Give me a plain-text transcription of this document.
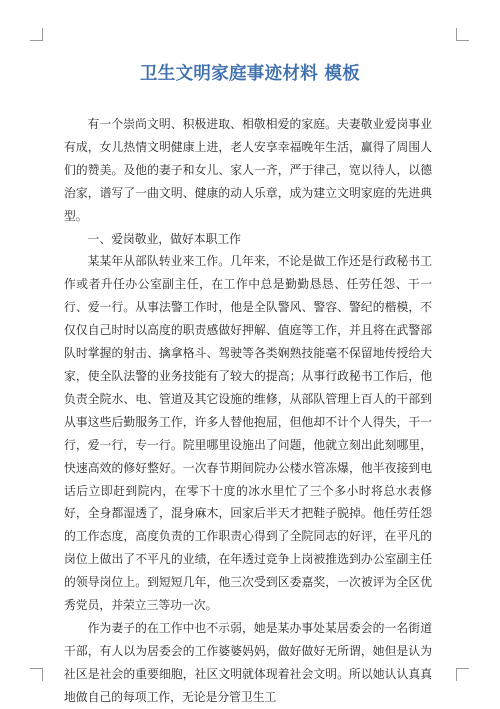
卫生文明家庭事迹材料 模板

有一个崇尚文明、积极进取、相敬相爱的家庭。夫妻敬业爱岗事业有成，女儿热情文明健康上进，老人安享幸福晚年生活，赢得了周围人们的赞美。及他的妻子和女儿、家人一齐，严于律己，宽以待人，以德治家，谱写了一曲文明、健康的动人乐章，成为建立文明家庭的先进典型。

一、爱岗敬业，做好本职工作

某某年从部队转业来工作。几年来，不论是做工作还是行政秘书工作或者升任办公室副主任，在工作中总是勤勤恳恳、任劳任怨、干一行、爱一行。从事法警工作时，他是全队警风、警容、警纪的楷模，不仅仅自己时时以高度的职责感做好押解、值庭等工作，并且将在武警部队时掌握的射击、擒拿格斗、驾驶等各类娴熟技能毫不保留地传授给大家，使全队法警的业务技能有了较大的提高；从事行政秘书工作后，他负责全院水、电、管道及其它设施的维修，从部队管理上百人的干部到从事这些后勤服务工作，许多人替他抱屈，但他却不计个人得失，干一行，爱一行，专一行。院里哪里设施出了问题，他就立刻出此刻哪里，快速高效的修好整好。一次春节期间院办公楼水管冻爆，他半夜接到电话后立即赶到院内，在零下十度的冰水里忙了三个多小时将总水表修好，全身都湿透了，混身麻木，回家后半天才把鞋子脱掉。他任劳任怨的工作态度，高度负责的工作职责心得到了全院同志的好评，在平凡的岗位上做出了不平凡的业绩，在年透过竞争上岗被推选到办公室副主任的领导岗位上。到短短几年，他三次受到区委嘉奖，一次被评为全区优秀党员，并荣立三等功一次。

作为妻子的在工作中也不示弱，她是某办事处某居委会的一名街道干部，有人以为居委会的工作婆婆妈妈，做好做好无所谓，她但是认为社区是社会的重要细胞，社区文明就体现着社会文明。所以她认认真真地做自己的每项工作，无论是分管卫生工
